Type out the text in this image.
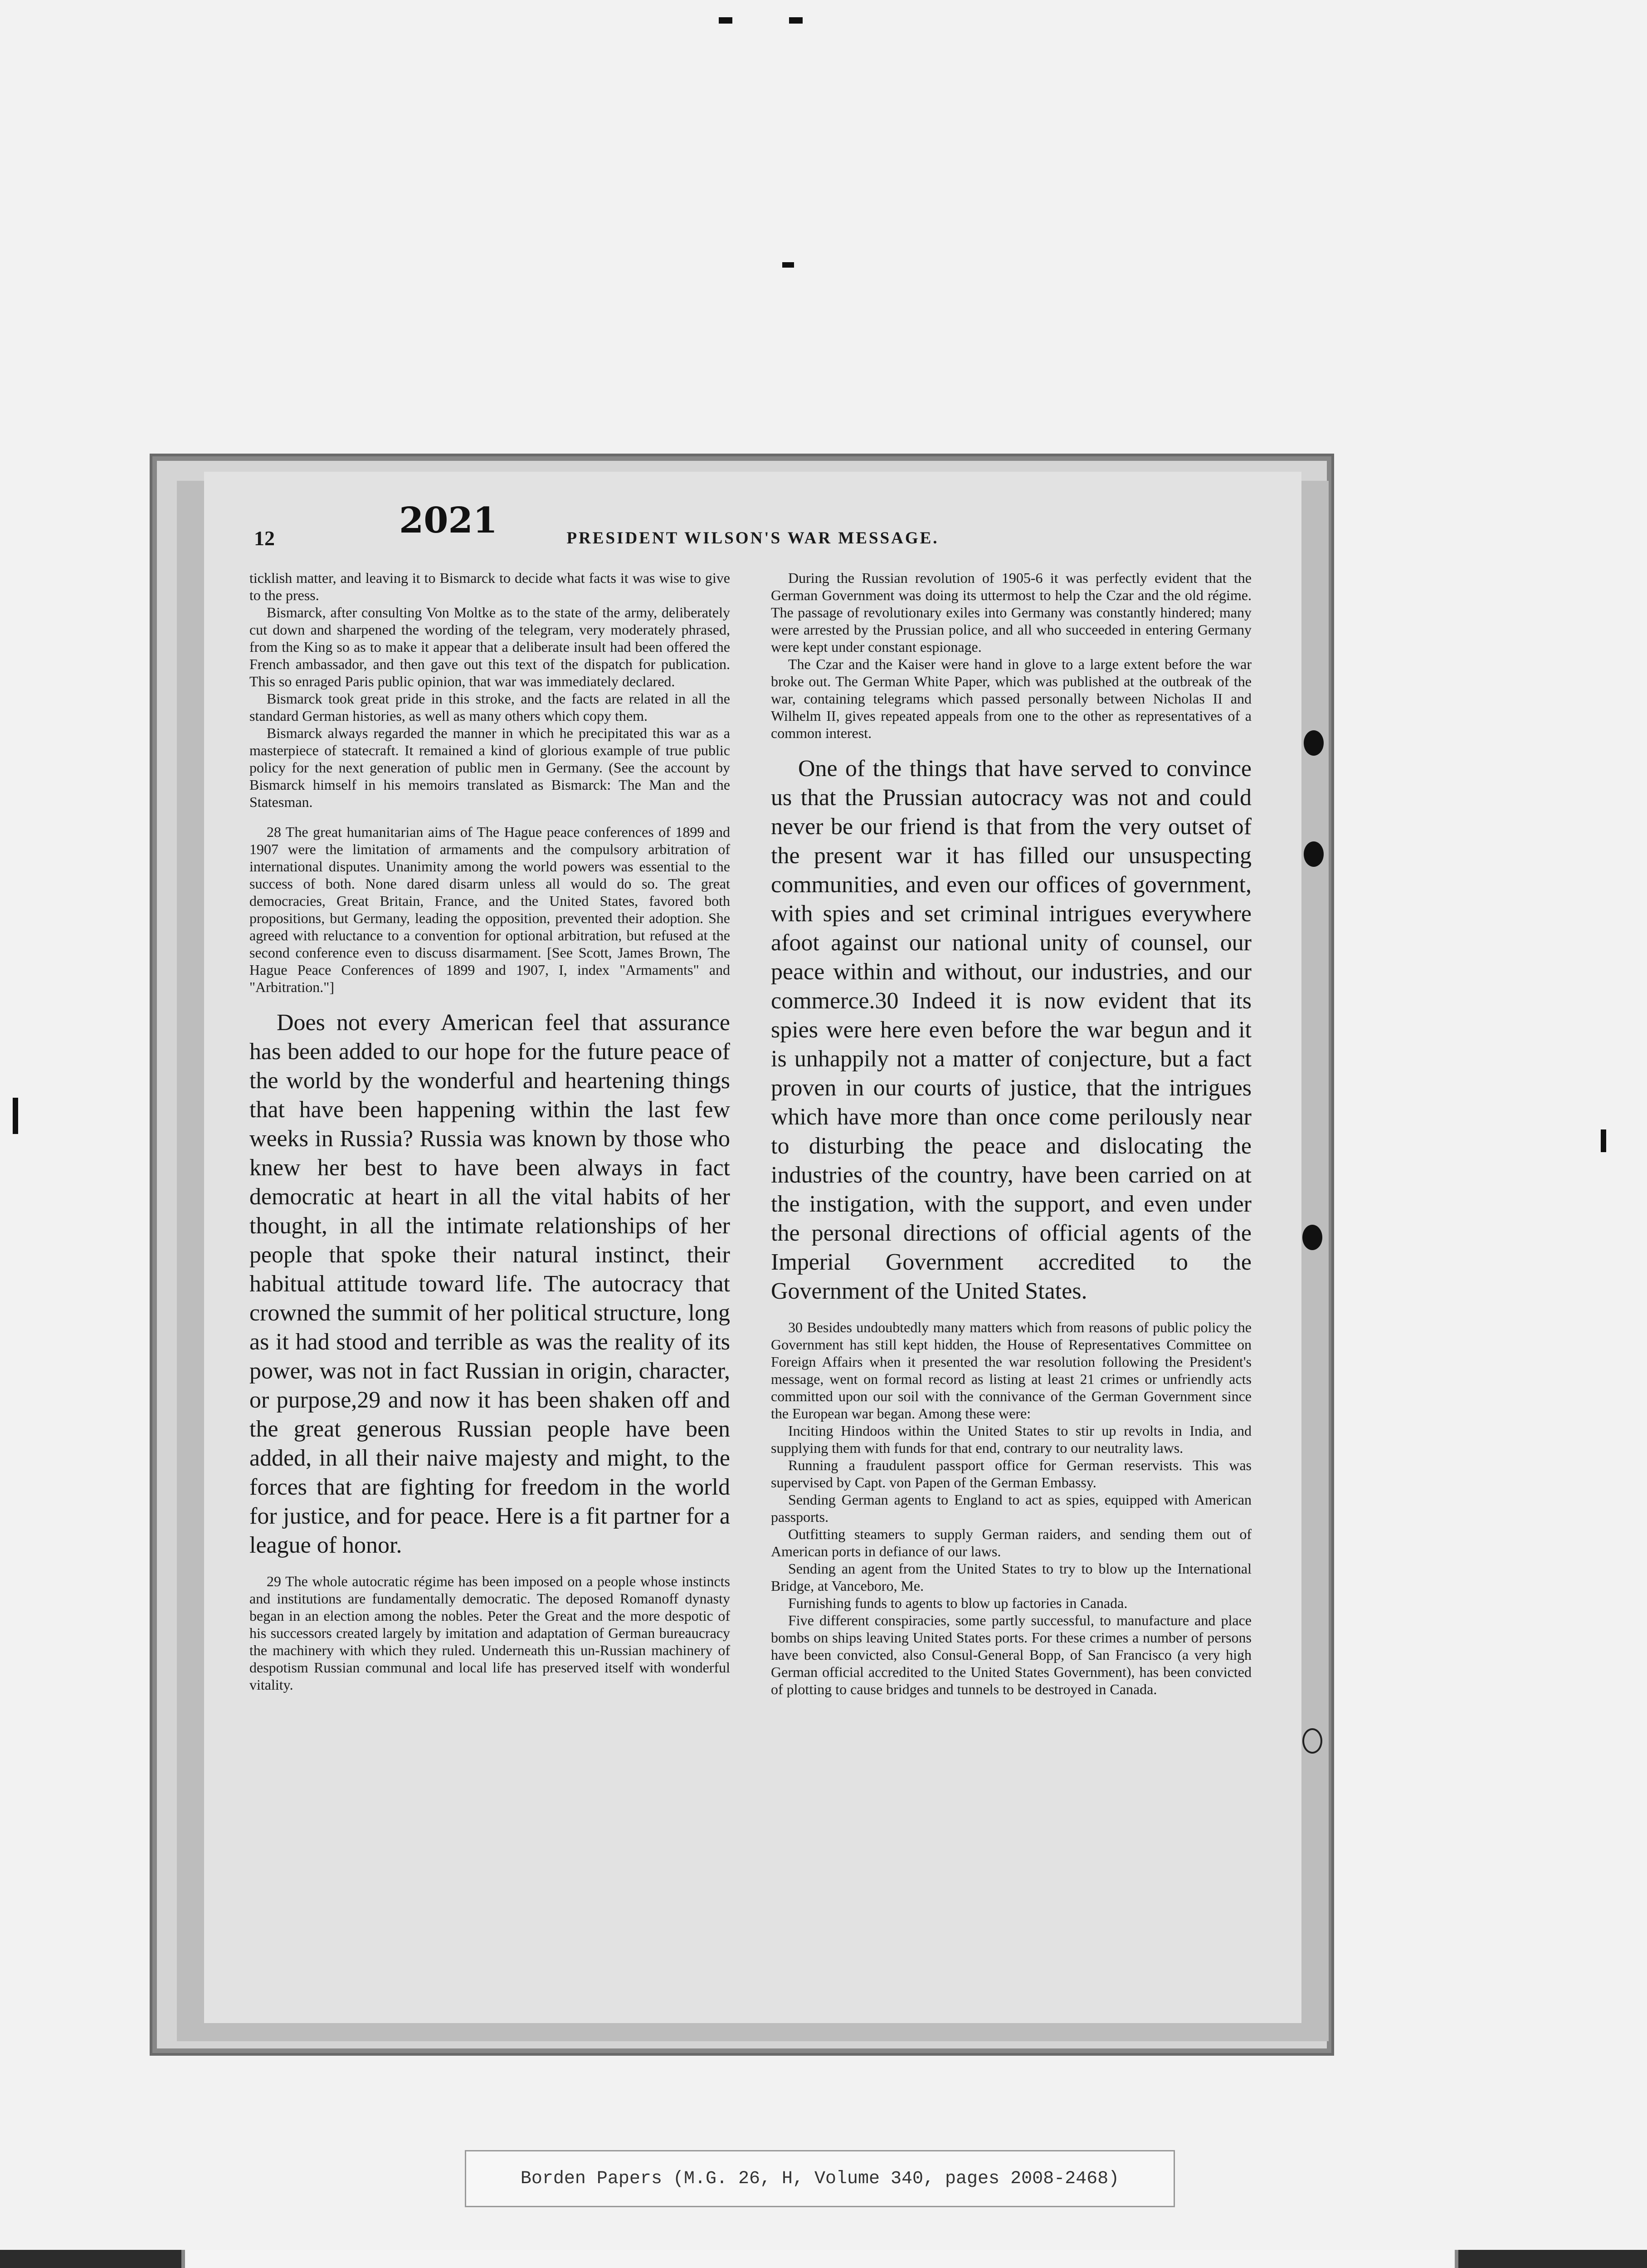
12	2021	PRESIDENT WILSON'S WAR MESSAGE.

ticklish matter, and leaving it to Bismarck to decide what facts it was wise to give to the press.

Bismarck, after consulting Von Moltke as to the state of the army, deliberately cut down and sharpened the wording of the telegram, very moderately phrased, from the King so as to make it appear that a deliberate insult had been offered the French ambassador, and then gave out this text of the dispatch for publication. This so enraged Paris public opinion, that war was immediately declared.

Bismarck took great pride in this stroke, and the facts are related in all the standard German histories, as well as many others which copy them.

Bismarck always regarded the manner in which he precipitated this war as a masterpiece of statecraft. It remained a kind of glorious example of true public policy for the next generation of public men in Germany. (See the account by Bismarck himself in his memoirs translated as Bismarck: The Man and the Statesman.

28 The great humanitarian aims of The Hague peace conferences of 1899 and 1907 were the limitation of armaments and the compulsory arbitration of international disputes. Unanimity among the world powers was essential to the success of both. None dared disarm unless all would do so. The great democracies, Great Britain, France, and the United States, favored both propositions, but Germany, leading the opposition, prevented their adoption. She agreed with reluctance to a convention for optional arbitration, but refused at the second conference even to discuss disarmament. [See Scott, James Brown, The Hague Peace Conferences of 1899 and 1907, I, index "Armaments" and "Arbitration."]

Does not every American feel that assurance has been added to our hope for the future peace of the world by the wonderful and heartening things that have been happening within the last few weeks in Russia? Russia was known by those who knew her best to have been always in fact democratic at heart in all the vital habits of her thought, in all the intimate relationships of her people that spoke their natural instinct, their habitual attitude toward life. The autocracy that crowned the summit of her political structure, long as it had stood and terrible as was the reality of its power, was not in fact Russian in origin, character, or purpose,29 and now it has been shaken off and the great generous Russian people have been added, in all their naive majesty and might, to the forces that are fighting for freedom in the world for justice, and for peace. Here is a fit partner for a league of honor.

29 The whole autocratic régime has been imposed on a people whose instincts and institutions are fundamentally democratic. The deposed Romanoff dynasty began in an election among the nobles. Peter the Great and the more despotic of his successors created largely by imitation and adaptation of German bureaucracy the machinery with which they ruled. Underneath this un-Russian machinery of despotism Russian communal and local life has preserved itself with wonderful vitality.

During the Russian revolution of 1905-6 it was perfectly evident that the German Government was doing its uttermost to help the Czar and the old régime. The passage of revolutionary exiles into Germany was constantly hindered; many were arrested by the Prussian police, and all who succeeded in entering Germany were kept under constant espionage.

The Czar and the Kaiser were hand in glove to a large extent before the war broke out. The German White Paper, which was published at the outbreak of the war, containing telegrams which passed personally between Nicholas II and Wilhelm II, gives repeated appeals from one to the other as representatives of a common interest.

One of the things that have served to convince us that the Prussian autocracy was not and could never be our friend is that from the very outset of the present war it has filled our unsuspecting communities, and even our offices of government, with spies and set criminal intrigues everywhere afoot against our national unity of counsel, our peace within and without, our industries, and our commerce.30 Indeed it is now evident that its spies were here even before the war begun and it is unhappily not a matter of conjecture, but a fact proven in our courts of justice, that the intrigues which have more than once come perilously near to disturbing the peace and dislocating the industries of the country, have been carried on at the instigation, with the support, and even under the personal directions of official agents of the Imperial Government accredited to the Government of the United States.

30 Besides undoubtedly many matters which from reasons of public policy the Government has still kept hidden, the House of Representatives Committee on Foreign Affairs when it presented the war resolution following the President's message, went on formal record as listing at least 21 crimes or unfriendly acts committed upon our soil with the connivance of the German Government since the European war began. Among these were:

Inciting Hindoos within the United States to stir up revolts in India, and supplying them with funds for that end, contrary to our neutrality laws.

Running a fraudulent passport office for German reservists. This was supervised by Capt. von Papen of the German Embassy.

Sending German agents to England to act as spies, equipped with American passports.

Outfitting steamers to supply German raiders, and sending them out of American ports in defiance of our laws.

Sending an agent from the United States to try to blow up the International Bridge, at Vanceboro, Me.

Furnishing funds to agents to blow up factories in Canada.

Five different conspiracies, some partly successful, to manufacture and place bombs on ships leaving United States ports. For these crimes a number of persons have been convicted, also Consul-General Bopp, of San Francisco (a very high German official accredited to the United States Government), has been convicted of plotting to cause bridges and tunnels to be destroyed in Canada.

Borden Papers (M.G. 26, H, Volume 340, pages 2008-2468)
